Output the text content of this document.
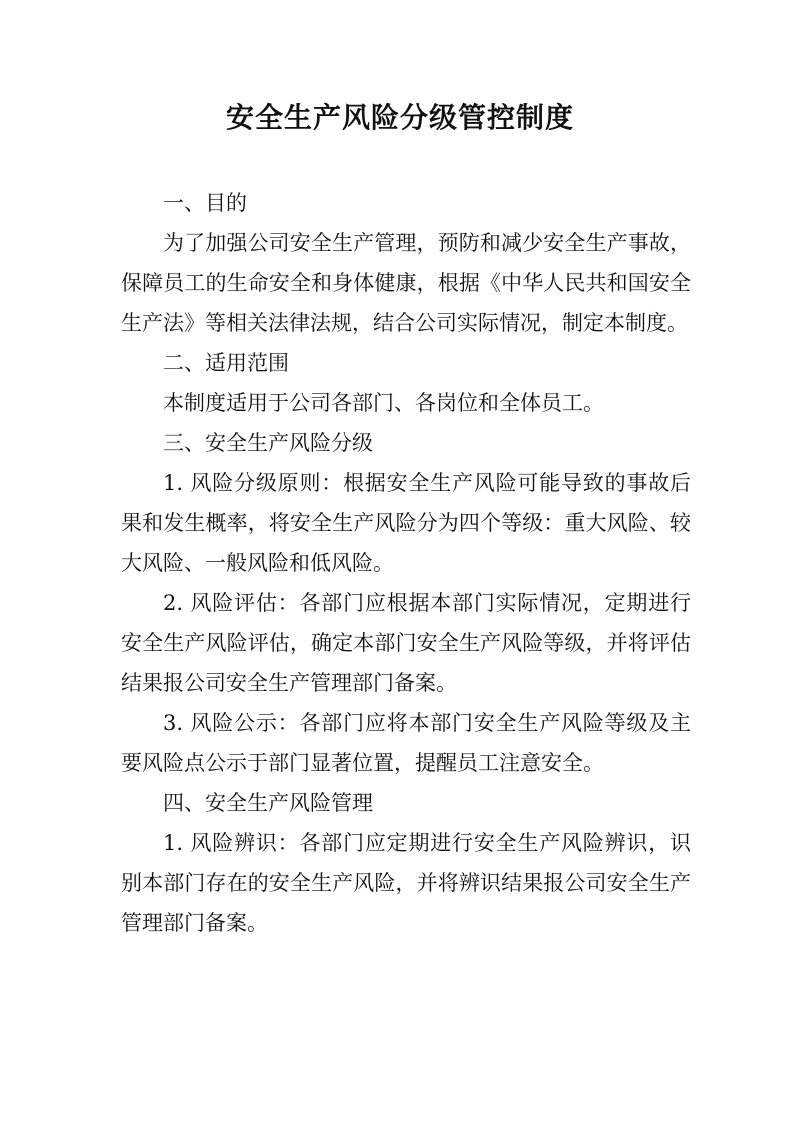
安全生产风险分级管控制度

一、目的

为了加强公司安全生产管理，预防和减少安全生产事故，保障员工的生命安全和身体健康，根据《中华人民共和国安全生产法》等相关法律法规，结合公司实际情况，制定本制度。

二、适用范围

本制度适用于公司各部门、各岗位和全体员工。

三、安全生产风险分级

1. 风险分级原则：根据安全生产风险可能导致的事故后果和发生概率，将安全生产风险分为四个等级：重大风险、较大风险、一般风险和低风险。

2. 风险评估：各部门应根据本部门实际情况，定期进行安全生产风险评估，确定本部门安全生产风险等级，并将评估结果报公司安全生产管理部门备案。

3. 风险公示：各部门应将本部门安全生产风险等级及主要风险点公示于部门显著位置，提醒员工注意安全。

四、安全生产风险管理

1. 风险辨识：各部门应定期进行安全生产风险辨识，识别本部门存在的安全生产风险，并将辨识结果报公司安全生产管理部门备案。
